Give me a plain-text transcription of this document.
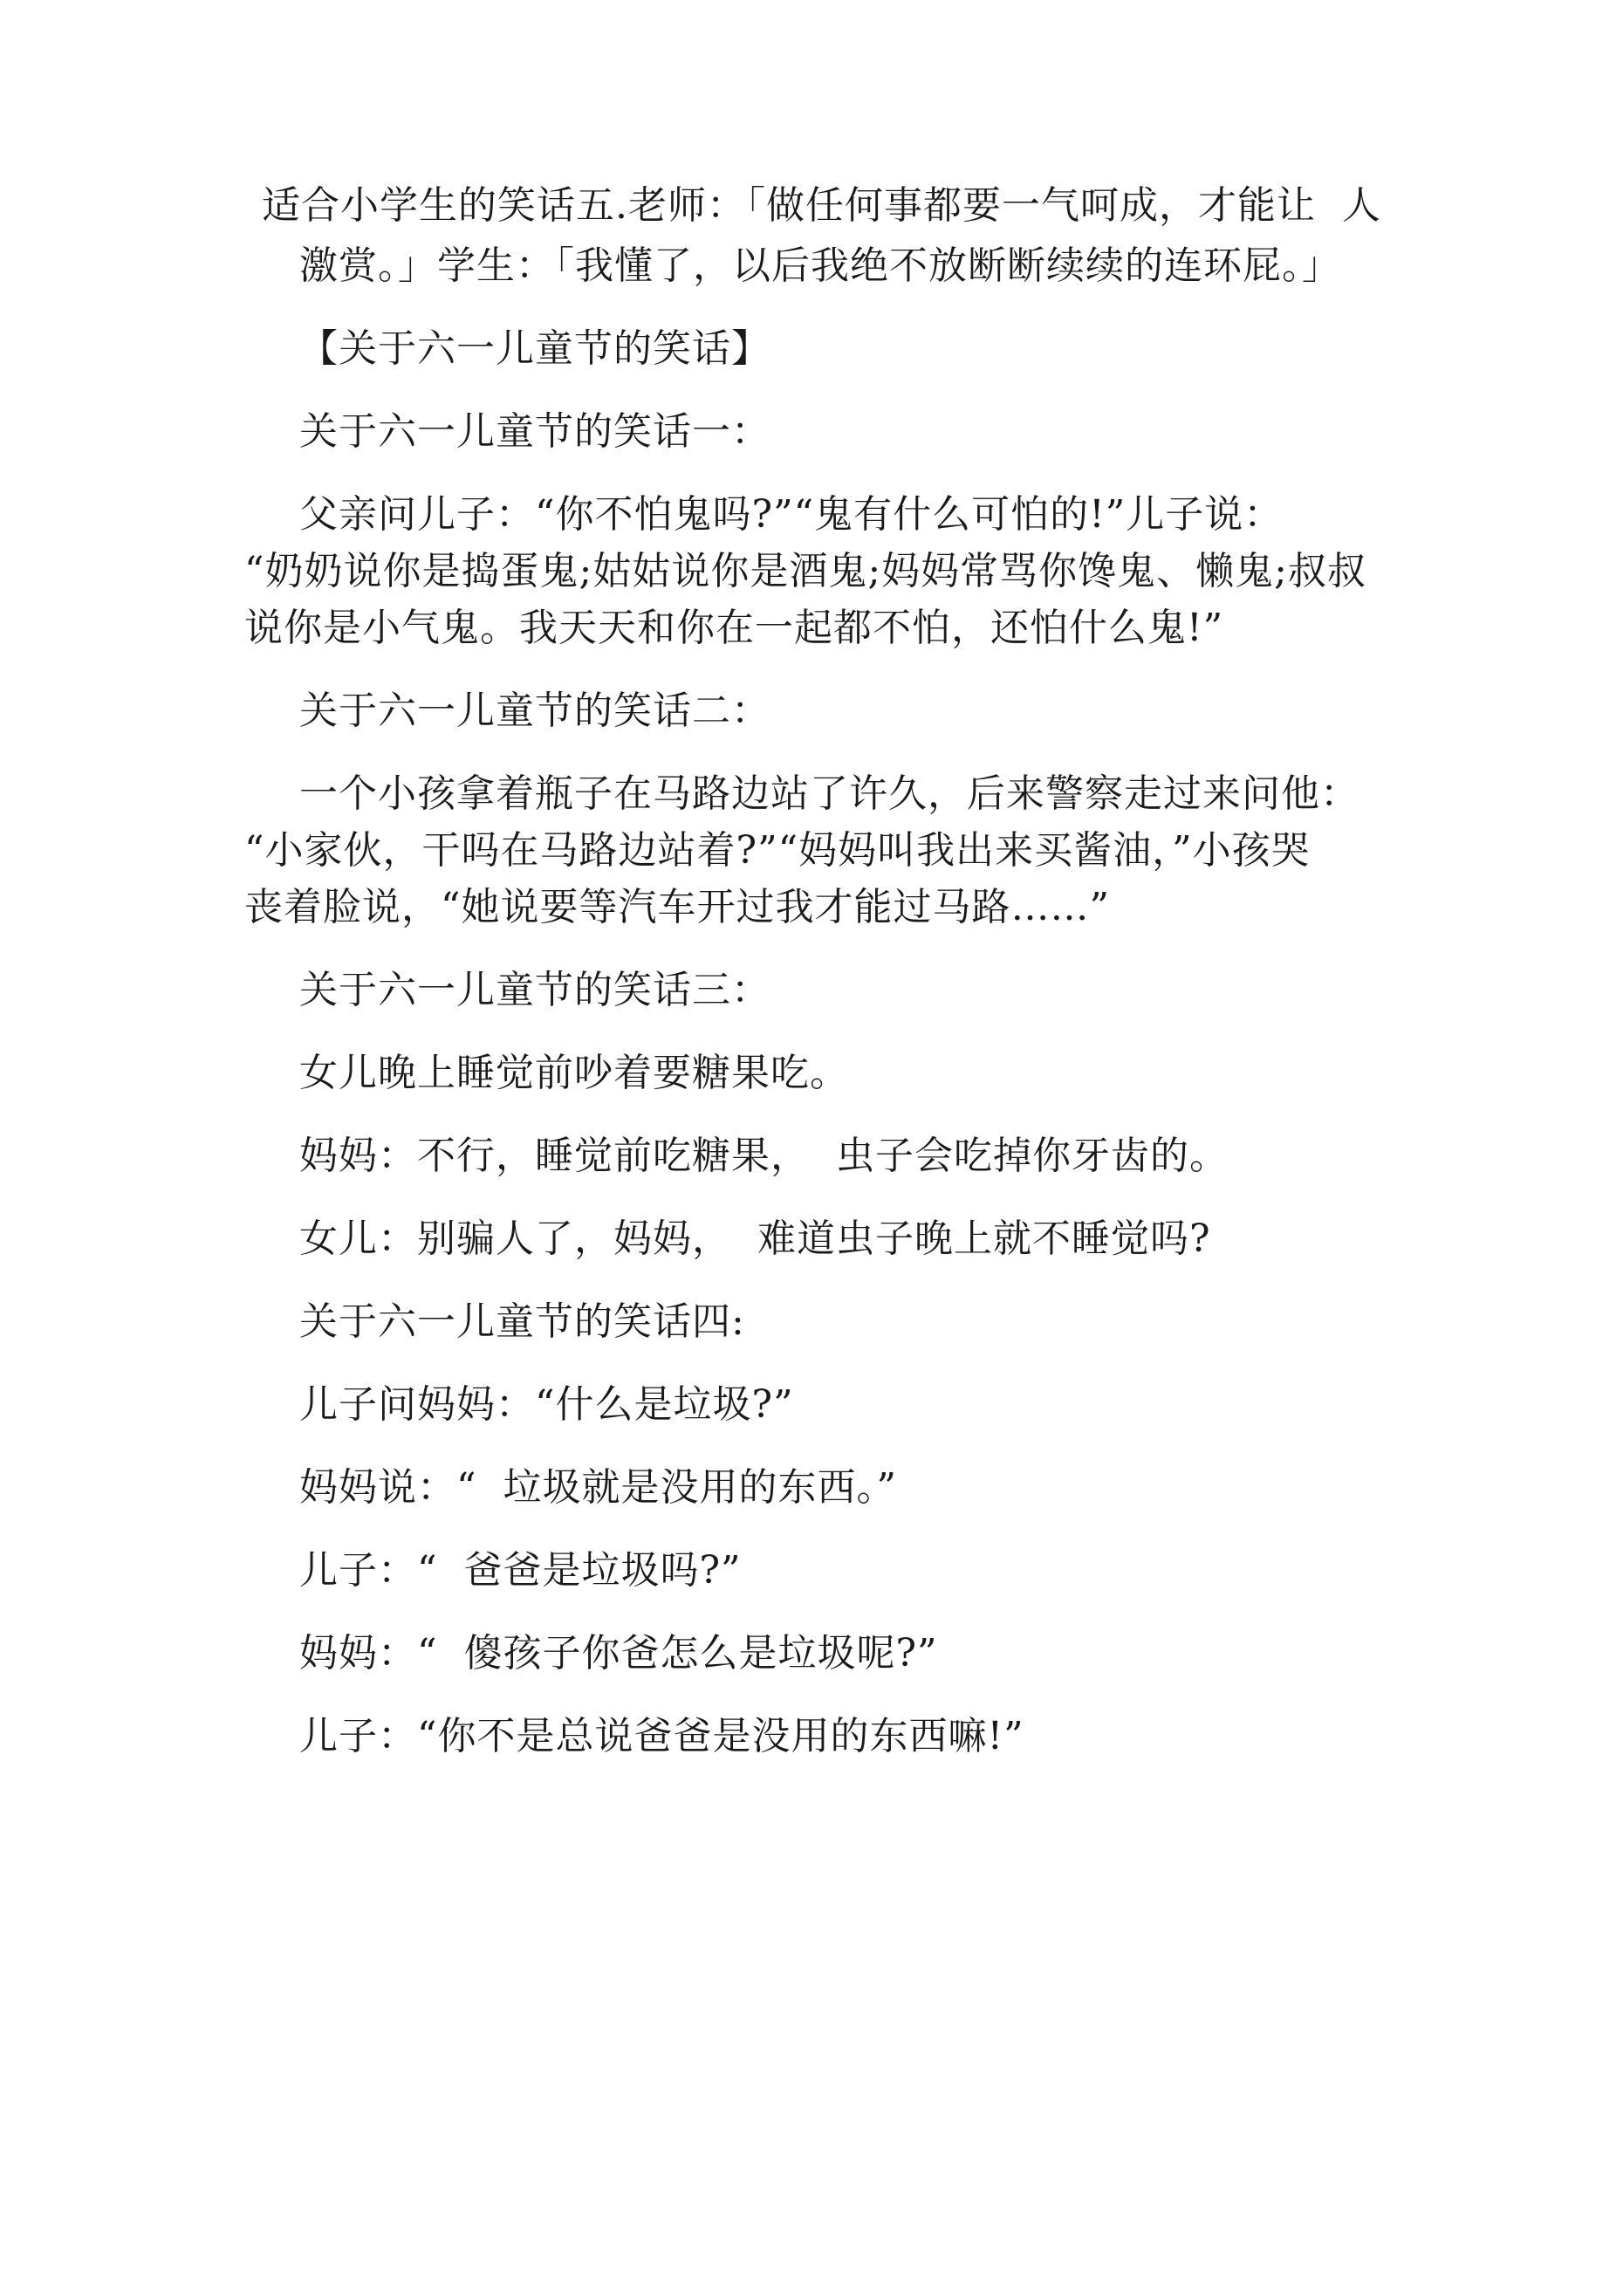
适合小学生的笑话五.老师：「做任何事都要一气呵成，才能让  人
激赏。」学生：「我懂了，以后我绝不放断断续续的连环屁。」
【关于六一儿童节的笑话】
关于六一儿童节的笑话一：
父亲问儿子：“你不怕鬼吗?”“鬼有什么可怕的!”儿子说：
“奶奶说你是捣蛋鬼;姑姑说你是酒鬼;妈妈常骂你馋鬼、懒鬼;叔叔
说你是小气鬼。我天天和你在一起都不怕，还怕什么鬼!”
关于六一儿童节的笑话二：
一个小孩拿着瓶子在马路边站了许久，后来警察走过来问他：
“小家伙，干吗在马路边站着?”“妈妈叫我出来买酱油，”小孩哭
丧着脸说，“她说要等汽车开过我才能过马路……”
关于六一儿童节的笑话三：
女儿晚上睡觉前吵着要糖果吃。
妈妈：不行，睡觉前吃糖果，  虫子会吃掉你牙齿的。
女儿：别骗人了，妈妈，  难道虫子晚上就不睡觉吗?
关于六一儿童节的笑话四:
儿子问妈妈：“什么是垃圾?”
妈妈说：“  垃圾就是没用的东西。”
儿子：“  爸爸是垃圾吗?”
妈妈：“  傻孩子你爸怎么是垃圾呢?”
儿子：“你不是总说爸爸是没用的东西嘛!”
